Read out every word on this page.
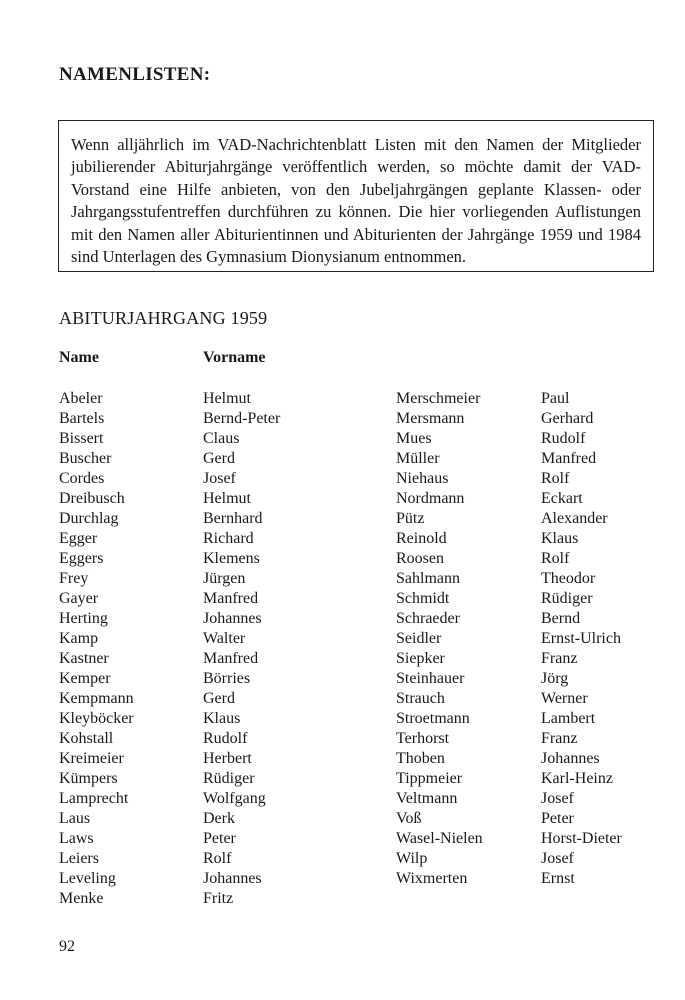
NAMENLISTEN:
Wenn alljährlich im VAD-Nachrichtenblatt Listen mit den Namen der Mitglieder jubilierender Abiturjahrgänge veröffentlich werden, so möchte damit der VAD-Vorstand eine Hilfe anbieten, von den Jubeljahrgängen geplante Klassen- oder Jahrgangsstufentreffen durchführen zu können. Die hier vorliegenden Auflistungen mit den Namen aller Abiturientinnen und Abiturienten der Jahrgänge 1959 und 1984 sind Unterlagen des Gymnasium Dionysianum entnommen.
ABITURJAHRGANG 1959
Name	Vorname
Abeler
Bartels
Bissert
Buscher
Cordes
Dreibusch
Durchlag
Egger
Eggers
Frey
Gayer
Herting
Kamp
Kastner
Kemper
Kempmann
Kleyböcker
Kohstall
Kreimeier
Kümpers
Lamprecht
Laus
Laws
Leiers
Leveling
Menke
Helmut
Bernd-Peter
Claus
Gerd
Josef
Helmut
Bernhard
Richard
Klemens
Jürgen
Manfred
Johannes
Walter
Manfred
Börries
Gerd
Klaus
Rudolf
Herbert
Rüdiger
Wolfgang
Derk
Peter
Rolf
Johannes
Fritz
Merschmeier
Mersmann
Mues
Müller
Niehaus
Nordmann
Pütz
Reinold
Roosen
Sahlmann
Schmidt
Schraeder
Seidler
Siepker
Steinhauer
Strauch
Stroetmann
Terhorst
Thoben
Tippmeier
Veltmann
Voß
Wasel-Nielen
Wilp
Wixmerten
Paul
Gerhard
Rudolf
Manfred
Rolf
Eckart
Alexander
Klaus
Rolf
Theodor
Rüdiger
Bernd
Ernst-Ulrich
Franz
Jörg
Werner
Lambert
Franz
Johannes
Karl-Heinz
Josef
Peter
Horst-Dieter
Josef
Ernst
92
